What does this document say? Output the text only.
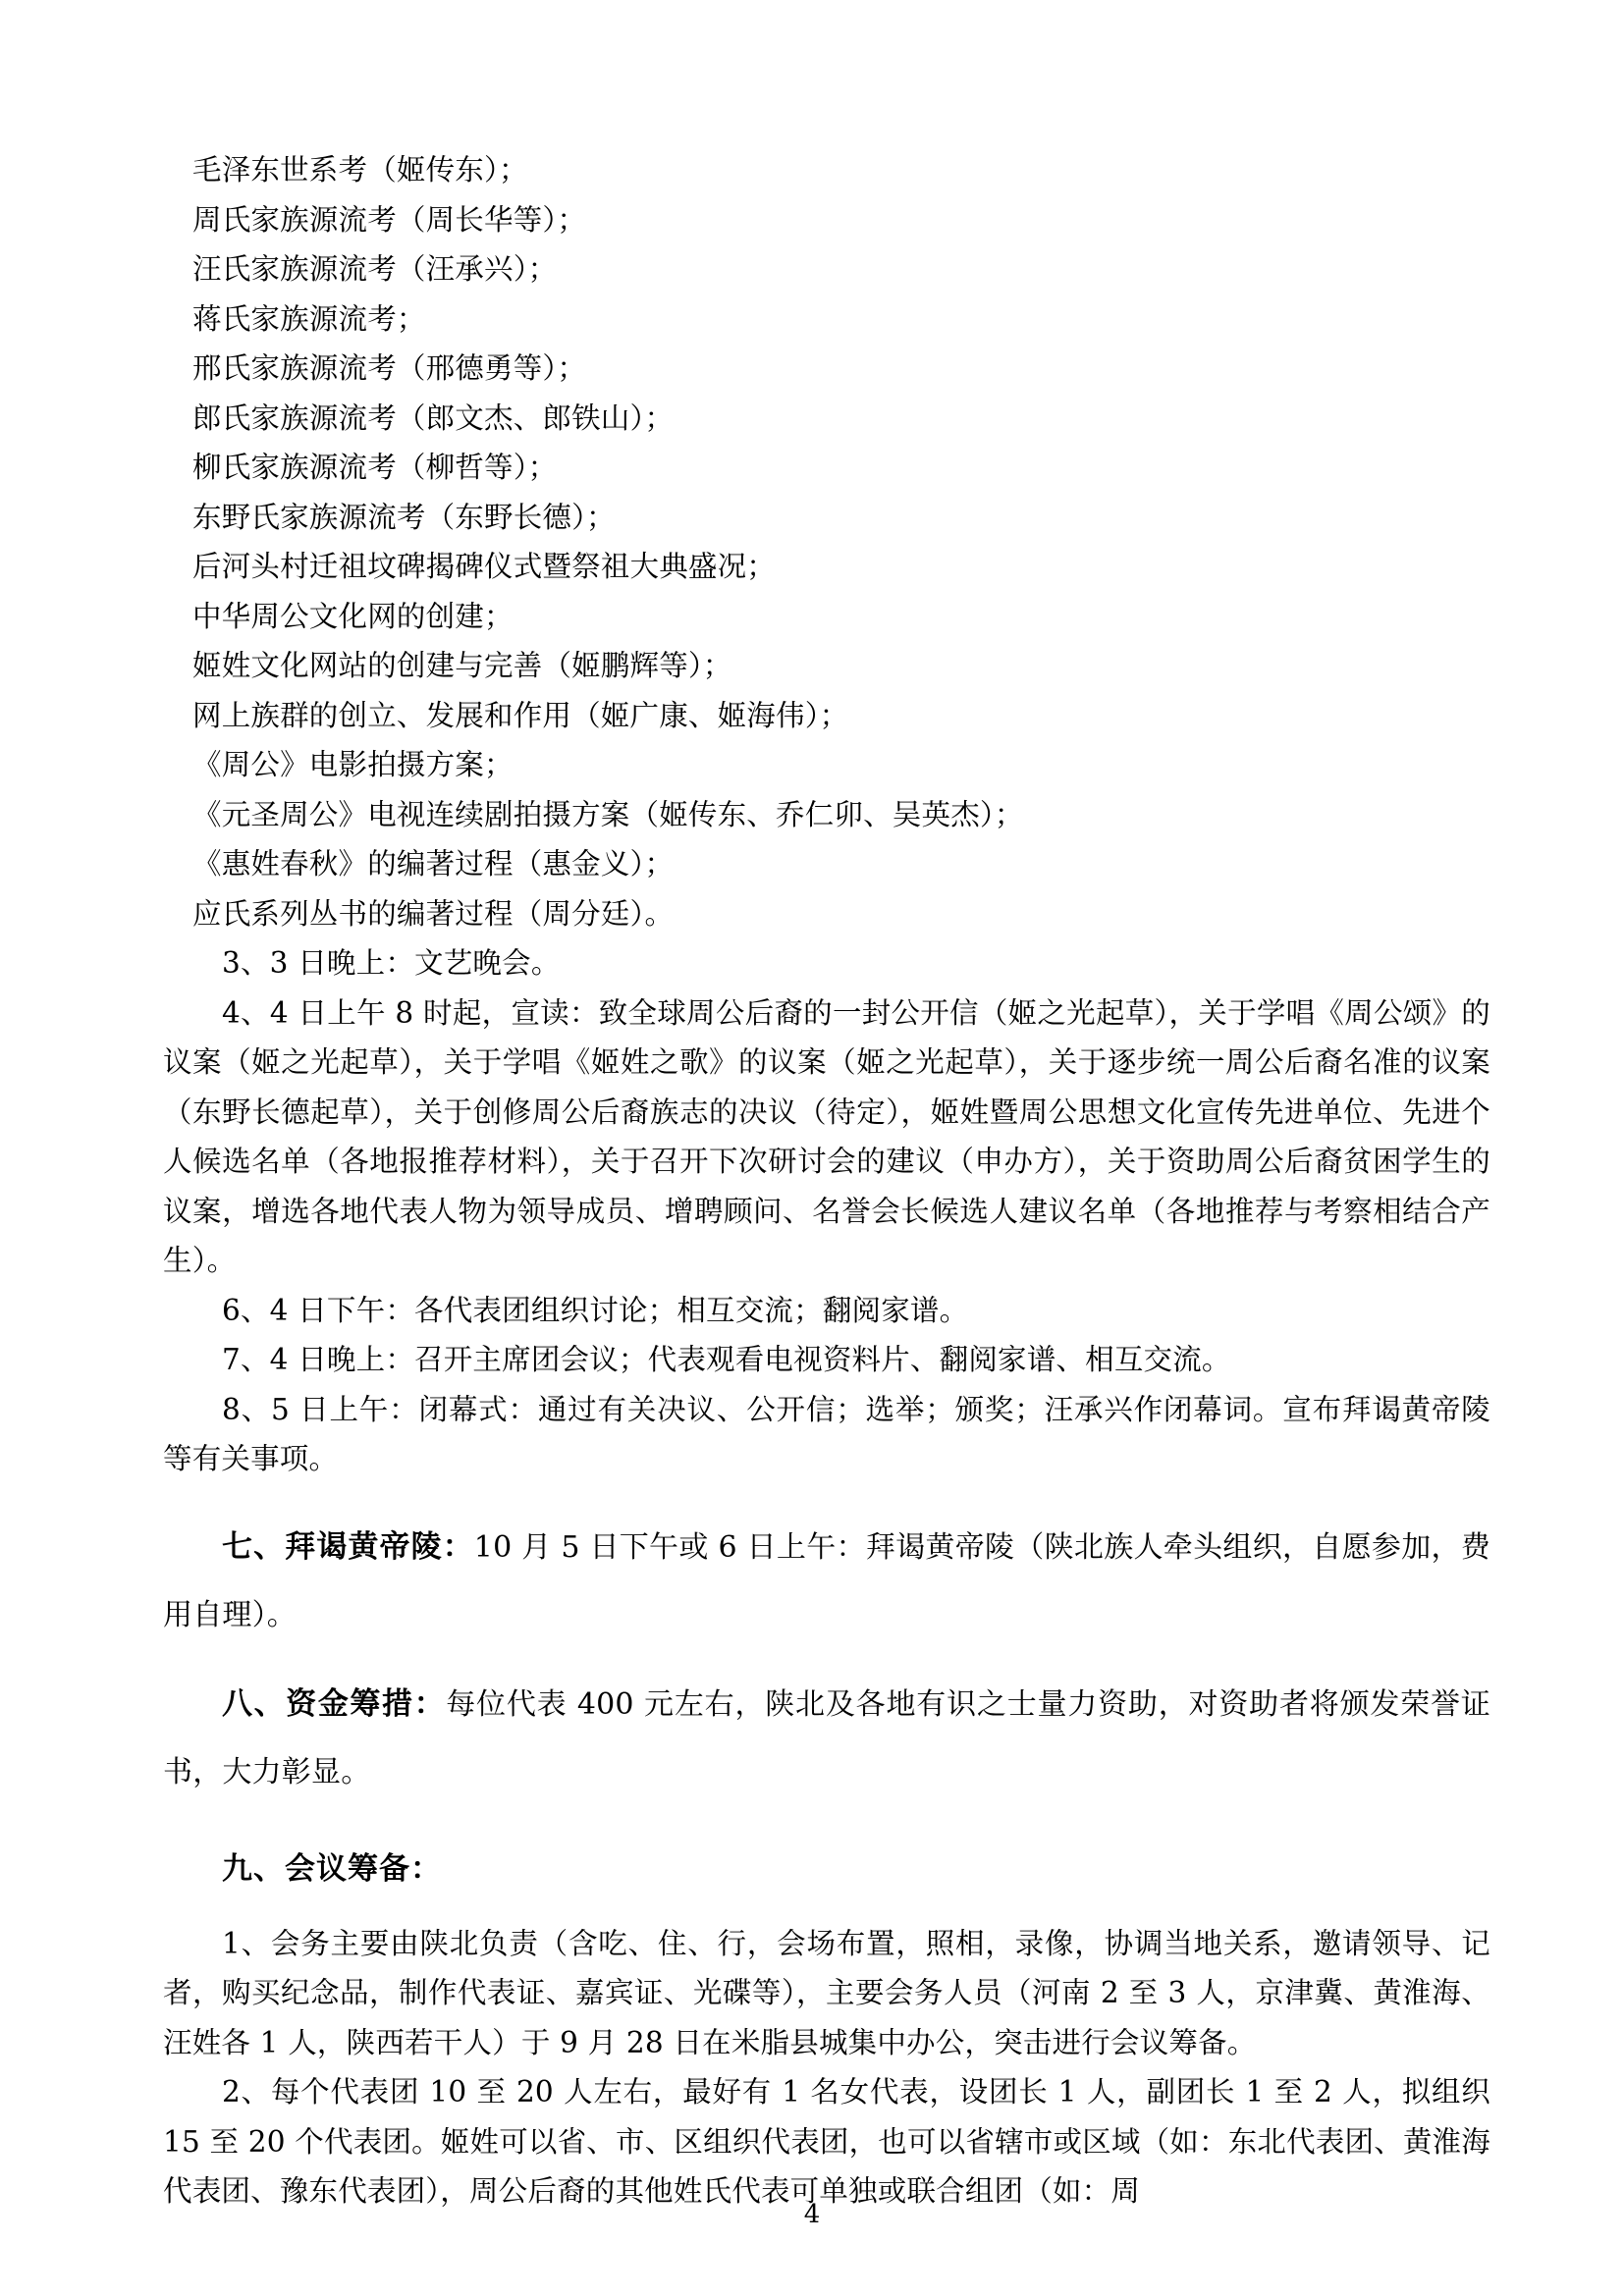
毛泽东世系考（姬传东）；

周氏家族源流考（周长华等）；

汪氏家族源流考（汪承兴）；

蒋氏家族源流考；

邢氏家族源流考（邢德勇等）；

郎氏家族源流考（郎文杰、郎铁山）；

柳氏家族源流考（柳哲等）；

东野氏家族源流考（东野长德）；

后河头村迁祖坟碑揭碑仪式暨祭祖大典盛况；

中华周公文化网的创建；

姬姓文化网站的创建与完善（姬鹏辉等）；

网上族群的创立、发展和作用（姬广康、姬海伟）；

《周公》电影拍摄方案；

《元圣周公》电视连续剧拍摄方案（姬传东、乔仁卯、吴英杰）；

《惠姓春秋》的编著过程（惠金义）；

应氏系列丛书的编著过程（周分廷）。

3、3 日晚上：文艺晚会。

4、4 日上午 8 时起，宣读：致全球周公后裔的一封公开信（姬之光起草），关于学唱《周公颂》的议案（姬之光起草），关于学唱《姬姓之歌》的议案（姬之光起草），关于逐步统一周公后裔名准的议案（东野长德起草），关于创修周公后裔族志的决议（待定），姬姓暨周公思想文化宣传先进单位、先进个人候选名单（各地报推荐材料），关于召开下次研讨会的建议（申办方），关于资助周公后裔贫困学生的议案，增选各地代表人物为领导成员、增聘顾问、名誉会长候选人建议名单（各地推荐与考察相结合产生）。

6、4 日下午：各代表团组织讨论；相互交流；翻阅家谱。

7、4 日晚上：召开主席团会议；代表观看电视资料片、翻阅家谱、相互交流。

8、5 日上午：闭幕式：通过有关决议、公开信；选举；颁奖；汪承兴作闭幕词。宣布拜谒黄帝陵等有关事项。

七、拜谒黄帝陵：10 月 5 日下午或 6 日上午：拜谒黄帝陵（陕北族人牵头组织，自愿参加，费用自理）。

八、资金筹措：每位代表 400 元左右，陕北及各地有识之士量力资助，对资助者将颁发荣誉证书，大力彰显。

九、会议筹备：

1、会务主要由陕北负责（含吃、住、行，会场布置，照相，录像，协调当地关系，邀请领导、记者，购买纪念品，制作代表证、嘉宾证、光碟等），主要会务人员（河南 2 至 3 人，京津冀、黄淮海、汪姓各 1 人，陕西若干人）于 9 月 28 日在米脂县城集中办公，突击进行会议筹备。

2、每个代表团 10 至 20 人左右，最好有 1 名女代表，设团长 1 人，副团长 1 至 2 人，拟组织 15 至 20 个代表团。姬姓可以省、市、区组织代表团，也可以省辖市或区域（如：东北代表团、黄淮海代表团、豫东代表团），周公后裔的其他姓氏代表可单独或联合组团（如：周

4
